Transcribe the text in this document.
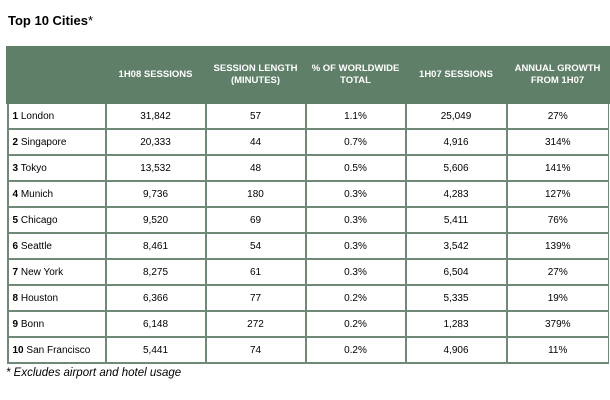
Top 10 Cities*
	1H08 SESSIONS	SESSION LENGTH (MINUTES)	% OF WORLDWIDE TOTAL	1H07 SESSIONS	ANNUAL GROWTH FROM 1H07
1 London	31,842	57	1.1%	25,049	27%
2 Singapore	20,333	44	0.7%	4,916	314%
3 Tokyo	13,532	48	0.5%	5,606	141%
4 Munich	9,736	180	0.3%	4,283	127%
5 Chicago	9,520	69	0.3%	5,411	76%
6 Seattle	8,461	54	0.3%	3,542	139%
7 New York	8,275	61	0.3%	6,504	27%
8 Houston	6,366	77	0.2%	5,335	19%
9 Bonn	6,148	272	0.2%	1,283	379%
10 San Francisco	5,441	74	0.2%	4,906	11%
* Excludes airport and hotel usage
